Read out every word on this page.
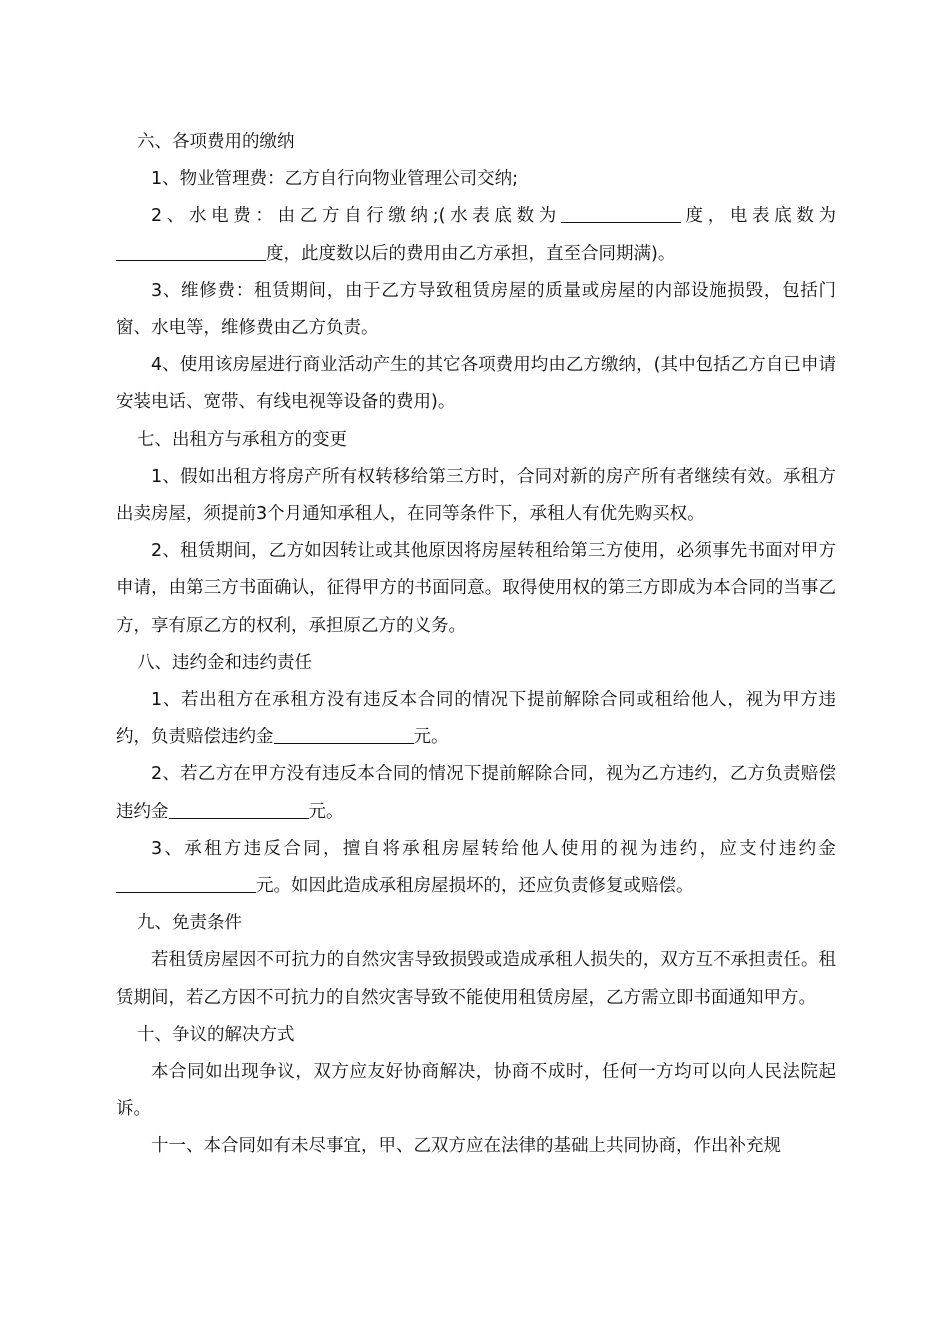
六、各项费用的缴纳

1、物业管理费：乙方自行向物业管理公司交纳;

2、水电费：由乙方自行缴纳;(水表底数为	度，电表底数为度，此度数以后的费用由乙方承担，直至合同期满)。

3、维修费：租赁期间，由于乙方导致租赁房屋的质量或房屋的内部设施损毁，包括门窗、水电等，维修费由乙方负责。

4、使用该房屋进行商业活动产生的其它各项费用均由乙方缴纳，(其中包括乙方自已申请安装电话、宽带、有线电视等设备的费用)。

七、出租方与承租方的变更

1、假如出租方将房产所有权转移给第三方时，合同对新的房产所有者继续有效。承租方出卖房屋，须提前3个月通知承租人，在同等条件下，承租人有优先购买权。

2、租赁期间，乙方如因转让或其他原因将房屋转租给第三方使用，必须事先书面对甲方申请，由第三方书面确认，征得甲方的书面同意。取得使用权的第三方即成为本合同的当事乙方，享有原乙方的权利，承担原乙方的义务。

八、违约金和违约责任

1、若出租方在承租方没有违反本合同的情况下提前解除合同或租给他人，视为甲方违约，负责赔偿违约金	元。

2、若乙方在甲方没有违反本合同的情况下提前解除合同，视为乙方违约，乙方负责赔偿违约金	元。

3、承租方违反合同，擅自将承租房屋转给他人使用的视为违约，应支付违约金元。如因此造成承租房屋损坏的，还应负责修复或赔偿。

九、免责条件

若租赁房屋因不可抗力的自然灾害导致损毁或造成承租人损失的，双方互不承担责任。租赁期间，若乙方因不可抗力的自然灾害导致不能使用租赁房屋，乙方需立即书面通知甲方。

十、争议的解决方式

本合同如出现争议，双方应友好协商解决，协商不成时，任何一方均可以向人民法院起诉。

十一、本合同如有未尽事宜，甲、乙双方应在法律的基础上共同协商，作出补充规
